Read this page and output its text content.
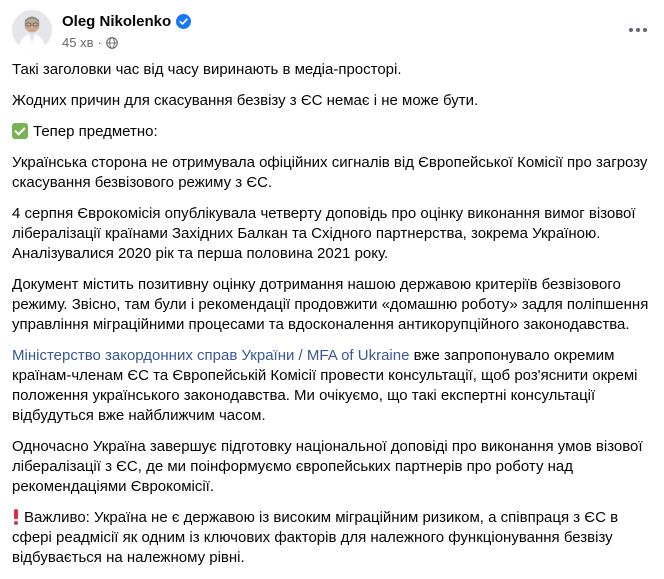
Oleg Nikolenko
45 хв ·

Такі заголовки час від часу виринають в медіа-просторі.

Жодних причин для скасування безвізу з ЄС немає і не може бути.

Тепер предметно:

Українська сторона не отримувала офіційних сигналів від Європейської Комісії про загрозу скасування безвізового режиму з ЄС.

4 серпня Єврокомісія опублікувала четверту доповідь про оцінку виконання вимог візової лібералізації країнами Західних Балкан та Східного партнерства, зокрема Україною. Аналізувалися 2020 рік та перша половина 2021 року.

Документ містить позитивну оцінку дотримання нашою державою критеріїв безвізового режиму. Звісно, там були і рекомендації продовжити «домашню роботу» задля поліпшення управління міграційними процесами та вдосконалення антикорупційного законодавства.

Міністерство закордонних справ України / MFA of Ukraine вже запропонувало окремим країнам-членам ЄС та Європейській Комісії провести консультації, щоб роз'яснити окремі положення українського законодавства. Ми очікуємо, що такі експертні консультації відбудуться вже найближчим часом.

Одночасно Україна завершує підготовку національної доповіді про виконання умов візової лібералізації з ЄС, де ми поінформуємо європейських партнерів про роботу над рекомендаціями Єврокомісії.

Важливо: Україна не є державою із високим міграційним ризиком, а співпраця з ЄС в сфері реадмісії як одним із ключових факторів для належного функціонування безвізу відбувається на належному рівні.
